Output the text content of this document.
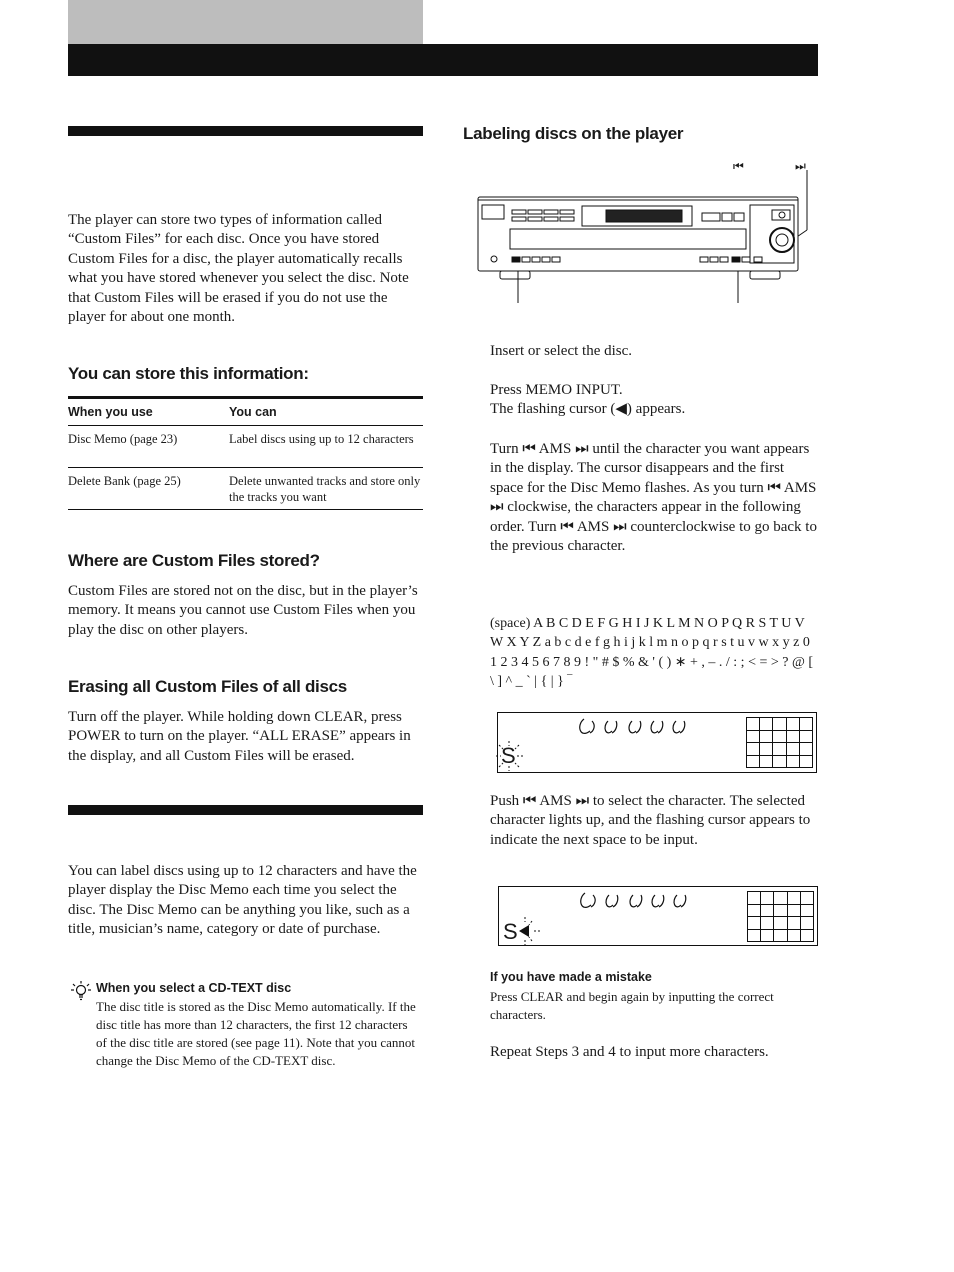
The player can store two types of information called “Custom Files” for each disc. Once you have stored Custom Files for a disc, the player automatically recalls what you have stored whenever you select the disc. Note that Custom Files will be erased if you do not use the player for about one month.
You can store this information:
When you use	You can
Disc Memo (page 23)	Label discs using up to 12 characters
Delete Bank (page 25)	Delete unwanted tracks and store only the tracks you want
Where are Custom Files stored?
Custom Files are stored not on the disc, but in the player’s memory. It means you cannot use Custom Files when you play the disc on other players.
Erasing all Custom Files of all discs
Turn off the player. While holding down CLEAR, press POWER to turn on the player. “ALL ERASE” appears in the display, and all Custom Files will be erased.
You can label discs using up to 12 characters and have the player display the Disc Memo each time you select the disc. The Disc Memo can be anything you like, such as a title, musician’s name, category or date of purchase.
When you select a CD-TEXT disc
The disc title is stored as the Disc Memo automatically. If the disc title has more than 12 characters, the first 12 characters of the disc title are stored (see page 11). Note that you cannot change the Disc Memo of the CD-TEXT disc.
Labeling discs on the player
⏮	⏭
Insert or select the disc.
Press MEMO INPUT.
The flashing cursor (◀) appears.
Turn ⏮ AMS ⏭ until the character you want appears in the display. The cursor disappears and the first space for the Disc Memo flashes. As you turn ⏮ AMS ⏭ clockwise, the characters appear in the following order. Turn ⏮ AMS ⏭ counterclockwise to go back to the previous character.
(space) A B C D E F G H I J K L M N O P Q R S T U V W X Y Z a b c d e f g h i j k l m n o p q r s t u v w x y z 0 1 2 3 4 5 6 7 8 9 ! " # $ % & ' ( ) ∗ + , – . / : ; < = > ? @ [ \ ] ^ _ ` | { | } ‾
S
Push ⏮ AMS ⏭ to select the character. The selected character lights up, and the flashing cursor appears to indicate the next space to be input.
S
If you have made a mistake
Press CLEAR and begin again by inputting the correct characters.
Repeat Steps 3 and 4 to input more characters.
